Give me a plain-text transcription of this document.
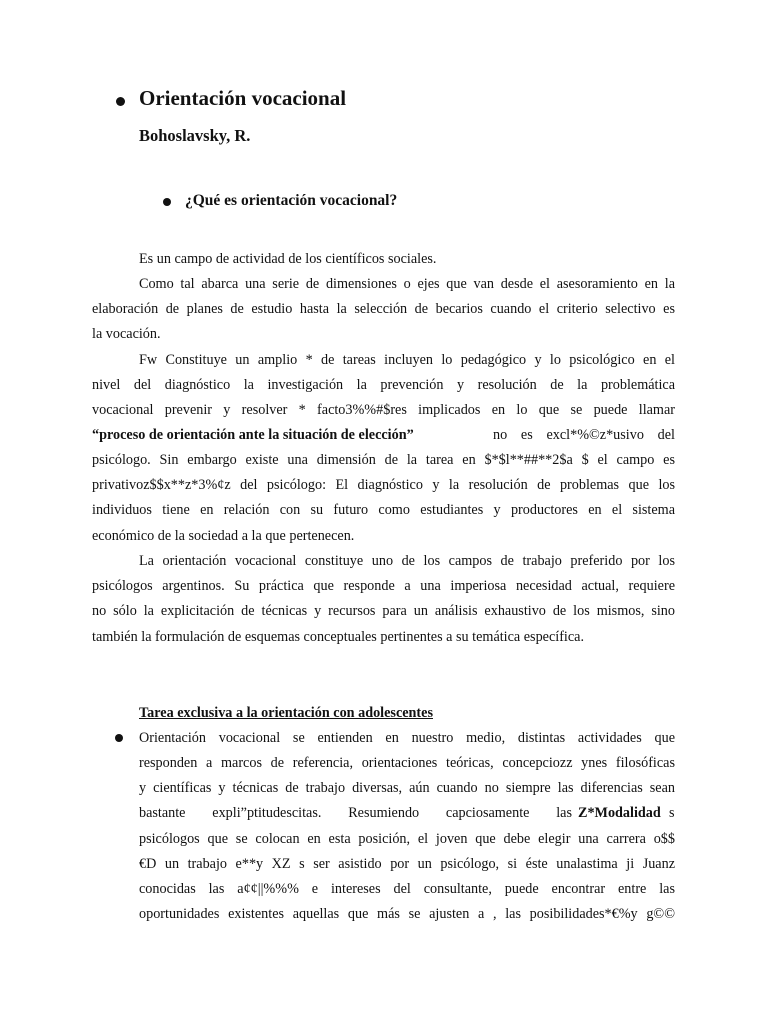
Orientación vocacional
Bohoslavsky, R.
¿Qué es orientación vocacional?
Es un campo de actividad de los científicos sociales.
Como tal abarca una serie de dimensiones o ejes que van desde el asesoramiento en la
elaboración de planes de estudio hasta la selección de becarios cuando el criterio selectivo es
la vocación.
Fw Constituye un amplio * de tareas incluyen lo pedagógico y lo psicológico en el
nivel del diagnóstico la investigación la prevención y resolución de la problemática
vocacional prevenir y resolver * facto3%%#$res implicados en lo que se puede llamar
“proceso de orientación ante la situación de elección”	no es excl*%©z*usivo del
psicólogo. Sin embargo existe una dimensión de la tarea en $*$l**##**2$a $ el campo es
privativoz$$x**z*3%¢z del psicólogo: El diagnóstico y la resolución de problemas que los
individuos tiene en relación con su futuro como estudiantes y productores en el sistema
económico de la sociedad a la que pertenecen.
La orientación vocacional constituye uno de los campos de trabajo preferido por los
psicólogos argentinos. Su práctica que responde a una imperiosa necesidad actual, requiere
no sólo la explicitación de técnicas y recursos para un análisis exhaustivo de los mismos, sino
también la formulación de esquemas conceptuales pertinentes a su temática específica.
Tarea exclusiva a la orientación con adolescentes
Orientación vocacional se entienden en nuestro medio, distintas actividades que
responden a marcos de referencia, orientaciones teóricas, concepciozz ynes filosóficas
y científicas y técnicas de trabajo diversas, aún cuando no siempre las diferencias sean
bastante expli”ptitudescitas. Resumiendo capciosamente las Z*Modalidad s
psicólogos que se colocan en esta posición, el joven que debe elegir una carrera o$$
€D un trabajo e**y XZ s ser asistido por un psicólogo, si éste unalastima ji Juanz
conocidas las a¢¢||%%% e intereses del consultante, puede encontrar entre las
oportunidades existentes aquellas que más se ajusten a , las posibilidades*€%y g©©
